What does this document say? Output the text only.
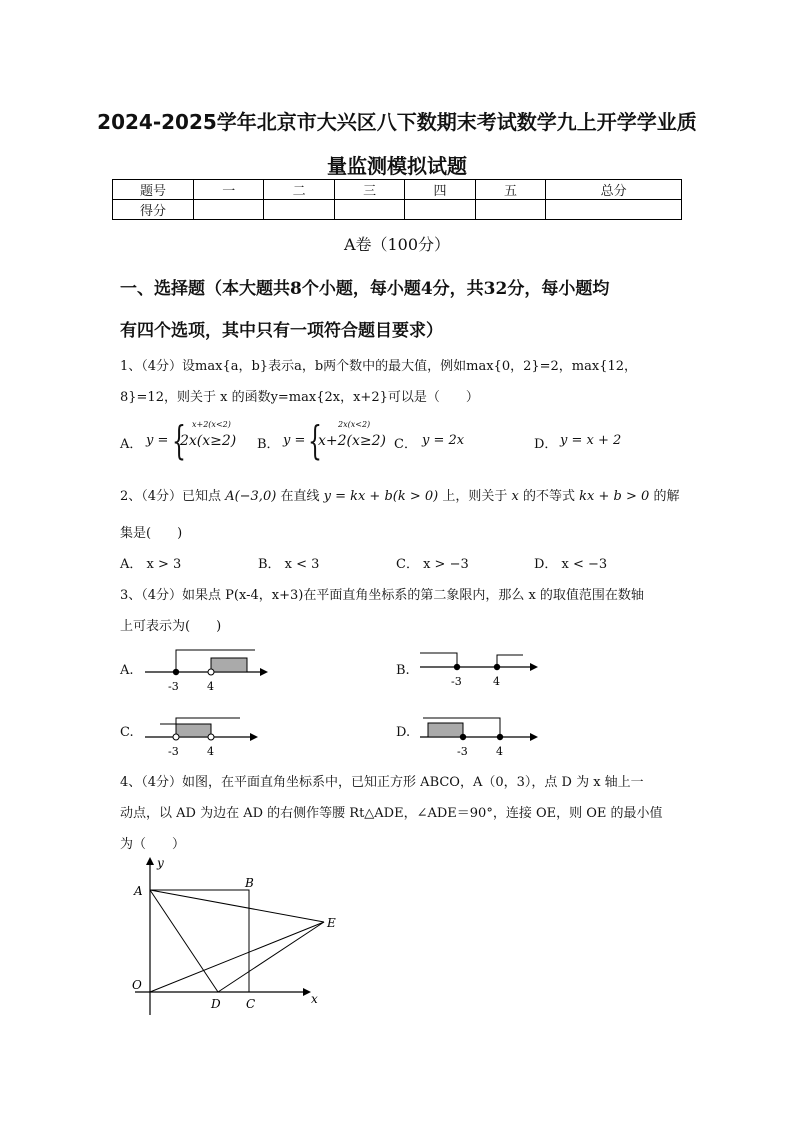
2024-2025学年北京市大兴区八下数期末考试数学九上开学学业质
量监测模拟试题
题号	一	二	三	四	五	总分
得分						
A卷（100分）
一、选择题（本大题共8个小题，每小题4分，共32分，每小题均
有四个选项，其中只有一项符合题目要求）
1、（4分）设max{a，b}表示a，b两个数中的最大值，例如max{0，2}=2，max{12，
8}=12，则关于 x 的函数y=max{2x，x+2}可以是（　　）
A． y = { x+2(x<2)
2x(x≥2) B． y = { 2x(x<2)
x+2(x≥2) C． y = 2x	D． y = x + 2
2、（4分）已知点 A(−3,0) 在直线 y = kx + b(k > 0) 上，则关于 x 的不等式 kx + b > 0 的解
集是(　　)
A． x > 3	B． x < 3	C． x > −3	D． x < −3
3、（4分）如果点 P(x-4，x+3)在平面直角坐标系的第二象限内，那么 x 的取值范围在数轴
上可表示为(　　)
A.
-3	4
B.
-3	4
C.
-3	4
D.
-3	4
4、（4分）如图，在平面直角坐标系中，已知正方形 ABCO，A（0，3），点 D 为 x 轴上一
动点，以 AD 为边在 AD 的右侧作等腰 Rt△ADE，∠ADE＝90°，连接 OE，则 OE 的最小值
为（　　）
y
x
A
B
O
D C
E
